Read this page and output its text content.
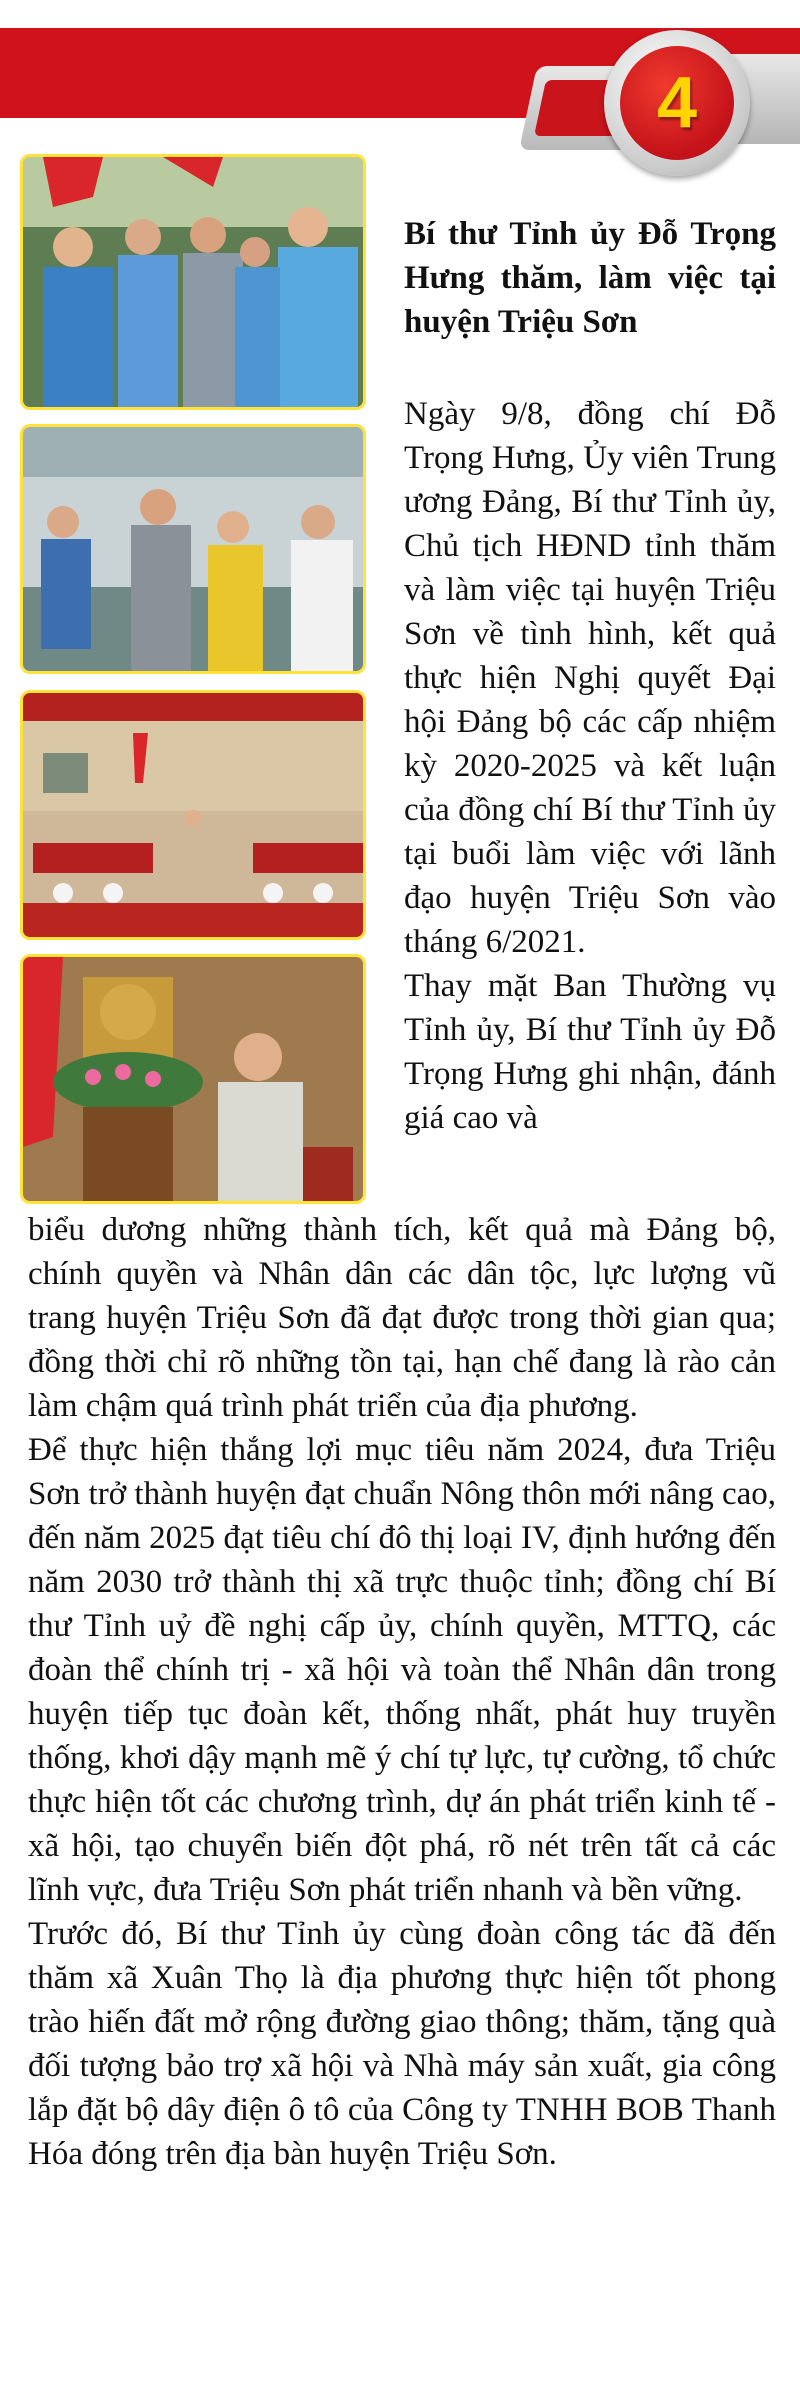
4
Bí thư Tỉnh ủy Đỗ Trọng Hưng thăm, làm việc tại huyện Triệu Sơn

Ngày 9/8, đồng chí Đỗ Trọng Hưng, Ủy viên Trung ương Đảng, Bí thư Tỉnh ủy, Chủ tịch HĐND tỉnh thăm và làm việc tại huyện Triệu Sơn về tình hình, kết quả thực hiện Nghị quyết Đại hội Đảng bộ các cấp nhiệm kỳ 2020-2025 và kết luận của đồng chí Bí thư Tỉnh ủy tại buổi làm việc với lãnh đạo huyện Triệu Sơn vào tháng 6/2021.

Thay mặt Ban Thường vụ Tỉnh ủy, Bí thư Tỉnh ủy Đỗ Trọng Hưng ghi nhận, đánh giá cao và

biểu dương những thành tích, kết quả mà Đảng bộ, chính quyền và Nhân dân các dân tộc, lực lượng vũ trang huyện Triệu Sơn đã đạt được trong thời gian qua; đồng thời chỉ rõ những tồn tại, hạn chế đang là rào cản làm chậm quá trình phát triển của địa phương.

Để thực hiện thắng lợi mục tiêu năm 2024, đưa Triệu Sơn trở thành huyện đạt chuẩn Nông thôn mới nâng cao, đến năm 2025 đạt tiêu chí đô thị loại IV, định hướng đến năm 2030 trở thành thị xã trực thuộc tỉnh; đồng chí Bí thư Tỉnh uỷ đề nghị cấp ủy, chính quyền, MTTQ, các đoàn thể chính trị - xã hội và toàn thể Nhân dân trong huyện tiếp tục đoàn kết, thống nhất, phát huy truyền thống, khơi dậy mạnh mẽ ý chí tự lực, tự cường, tổ chức thực hiện tốt các chương trình, dự án phát triển kinh tế - xã hội, tạo chuyển biến đột phá, rõ nét trên tất cả các lĩnh vực, đưa Triệu Sơn phát triển nhanh và bền vững.

Trước đó, Bí thư Tỉnh ủy cùng đoàn công tác đã đến thăm xã Xuân Thọ là địa phương thực hiện tốt phong trào hiến đất mở rộng đường giao thông; thăm, tặng quà đối tượng bảo trợ xã hội và Nhà máy sản xuất, gia công lắp đặt bộ dây điện ô tô của Công ty TNHH BOB Thanh Hóa đóng trên địa bàn huyện Triệu Sơn.
